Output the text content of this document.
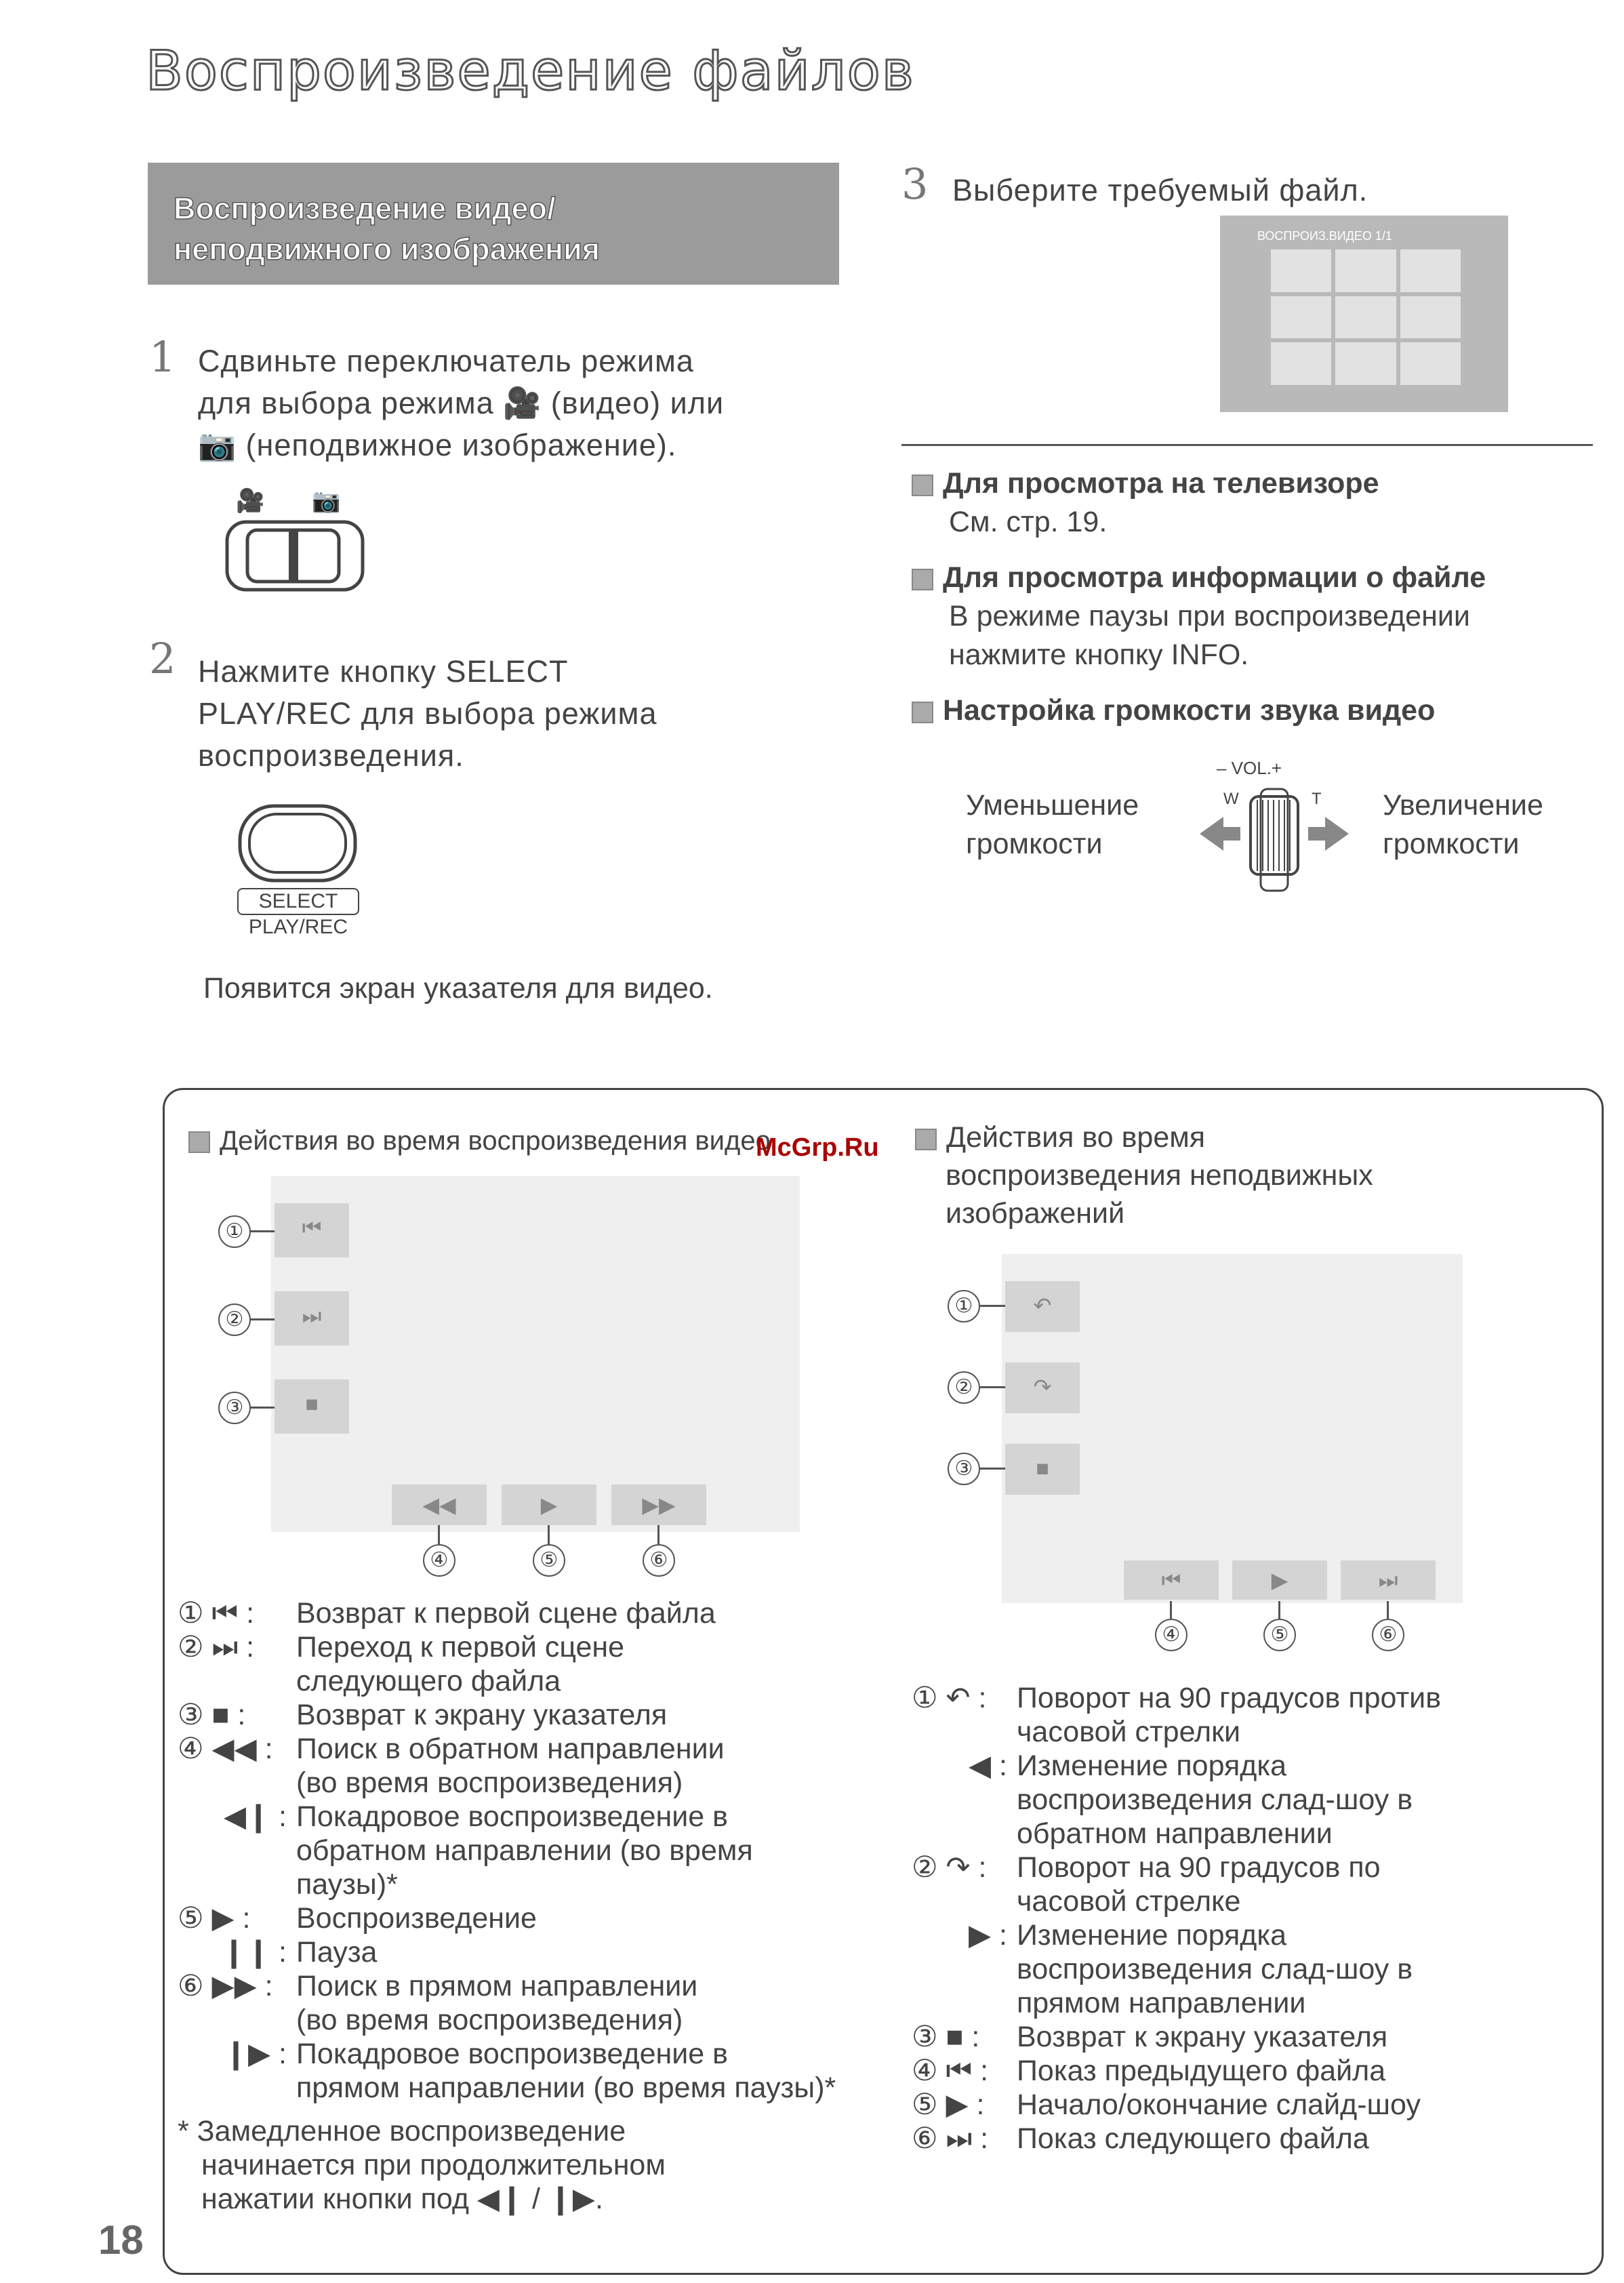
Воспроизведение файлов
Воспроизведение видео/
неподвижного изображения
1 Сдвиньте переключатель режима
для выбора режима 🎥 (видео) или
📷 (неподвижное изображение).
🎥 📷
2 Нажмите кнопку SELECT
PLAY/REC для выбора режима
воспроизведения.
SELECT
PLAY/REC
Появится экран указателя для видео.
3 Выберите требуемый файл.
ВОСПРОИЗ.ВИДЕО 1/1
Для просмотра на телевизоре
См. стр. 19.
Для просмотра информации о файле
В режиме паузы при воспроизведении
нажмите кнопку INFO.
Настройка громкости звука видео
Уменьшение
громкости
Увеличение
громкости
– VOL.+
W	T
Действия во время воспроизведения видео
McGrp.Ru
⏮
⏭
■
◀◀	▶	▶▶
①
②
③
④	⑤	⑥
① ⏮ :	Возврат к первой сцене файла
② ⏭ :	Переход к первой сцене
следующего файла
③ ■ :	Возврат к экрану указателя
④ ◀◀ : Поиск в обратном направлении
(во время воспроизведения)
◀❙ : Покадровое воспроизведение в
обратном направлении (во время
паузы)*
⑤ ▶ :	Воспроизведение
❙❙ : Пауза
⑥ ▶▶ : Поиск в прямом направлении
(во время воспроизведения)
❙▶ : Покадровое воспроизведение в
прямом направлении (во время паузы)*
* Замедленное воспроизведение
начинается при продолжительном
нажатии кнопки под ◀❙ / ❙▶.
Действия во время
воспроизведения неподвижных
изображений
↶
↷
■
⏮	▶	⏭
①
②
③
④	⑤	⑥
① ↶ :	Поворот на 90 градусов против
часовой стрелки
◀ : Изменение порядка
воспроизведения слад-шоу в
обратном направлении
② ↷ :	Поворот на 90 градусов по
часовой стрелке
▶ : Изменение порядка
воспроизведения слад-шоу в
прямом направлении
③ ■ :	Возврат к экрану указателя
④ ⏮ : Показ предыдущего файла
⑤ ▶ :	Начало/окончание слайд-шоу
⑥ ⏭ : Показ следующего файла
18
